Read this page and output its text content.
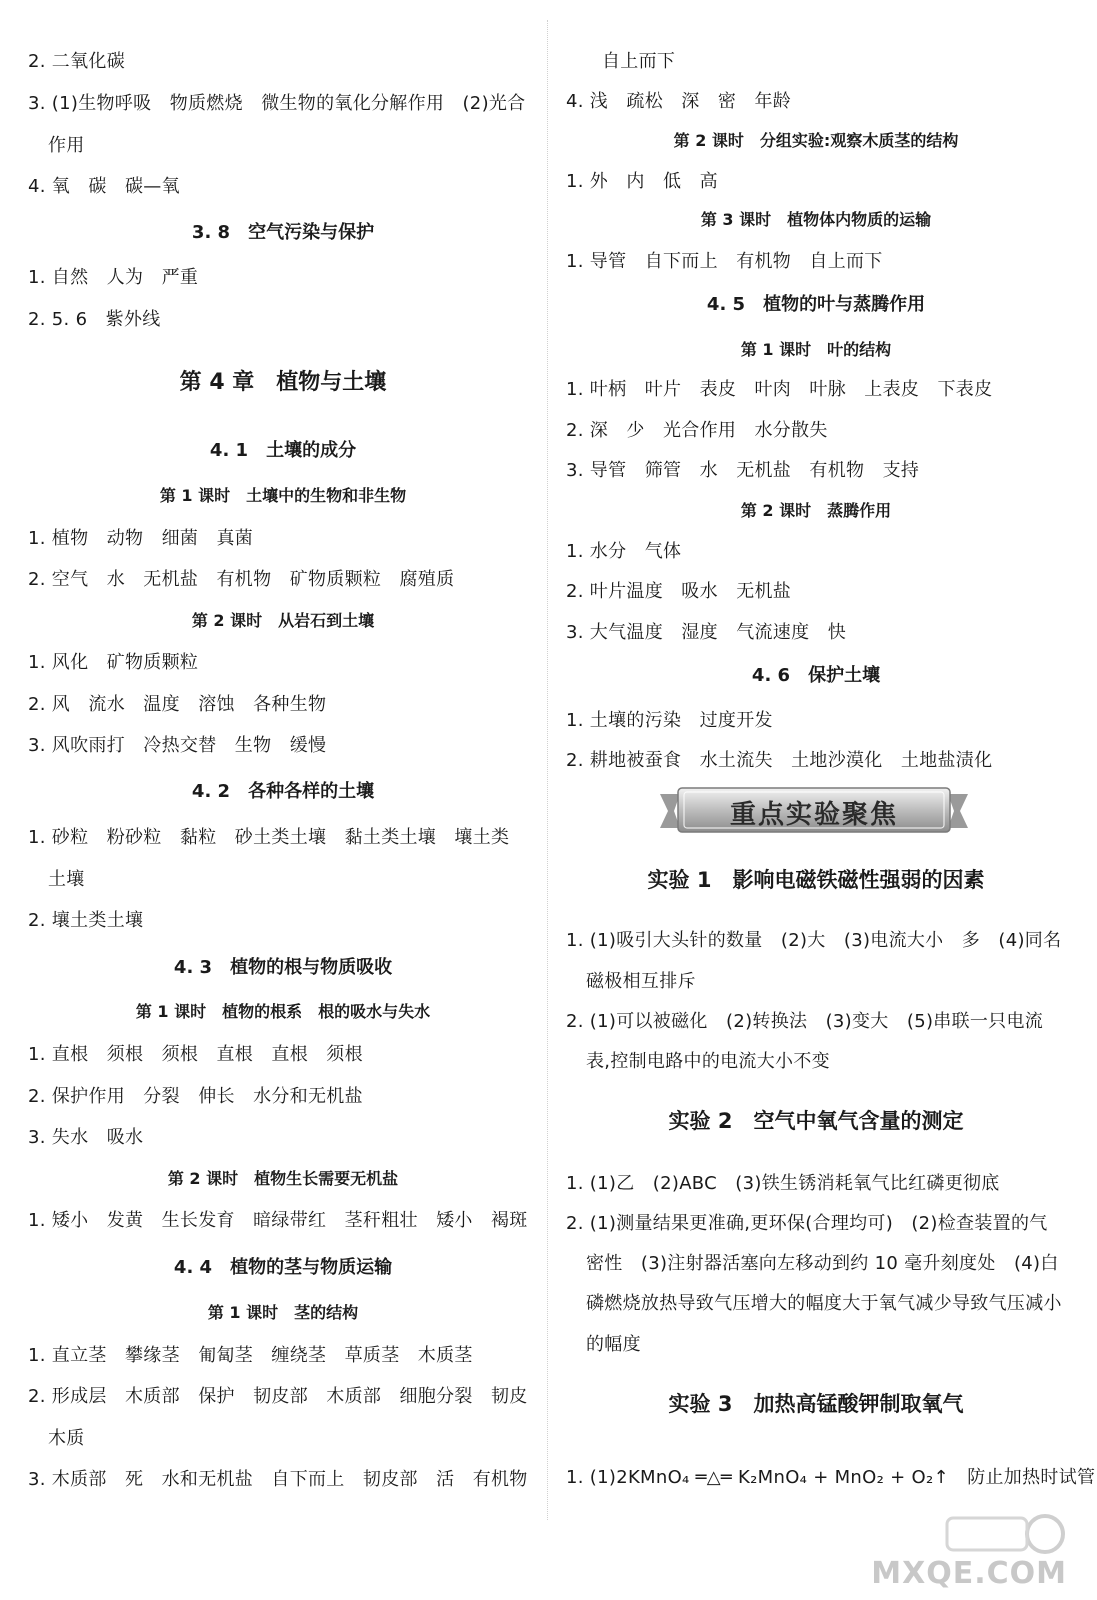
2. 二氧化碳
3. (1)生物呼吸　物质燃烧　微生物的氧化分解作用　(2)光合
作用
4. 氧　碳　碳—氧
3. 8　空气污染与保护
1. 自然　人为　严重
2. 5. 6　紫外线
第 4 章　植物与土壤
4. 1　土壤的成分
第 1 课时　土壤中的生物和非生物
1. 植物　动物　细菌　真菌
2. 空气　水　无机盐　有机物　矿物质颗粒　腐殖质
第 2 课时　从岩石到土壤
1. 风化　矿物质颗粒
2. 风　流水　温度　溶蚀　各种生物
3. 风吹雨打　冷热交替　生物　缓慢
4. 2　各种各样的土壤
1. 砂粒　粉砂粒　黏粒　砂土类土壤　黏土类土壤　壤土类
土壤
2. 壤土类土壤
4. 3　植物的根与物质吸收
第 1 课时　植物的根系　根的吸水与失水
1. 直根　须根　须根　直根　直根　须根
2. 保护作用　分裂　伸长　水分和无机盐
3. 失水　吸水
第 2 课时　植物生长需要无机盐
1. 矮小　发黄　生长发育　暗绿带红　茎秆粗壮　矮小　褐斑
4. 4　植物的茎与物质运输
第 1 课时　茎的结构
1. 直立茎　攀缘茎　匍匐茎　缠绕茎　草质茎　木质茎
2. 形成层　木质部　保护　韧皮部　木质部　细胞分裂　韧皮
木质
3. 木质部　死　水和无机盐　自下而上　韧皮部　活　有机物
自上而下
4. 浅　疏松　深　密　年龄
第 2 课时　分组实验:观察木质茎的结构
1. 外　内　低　高
第 3 课时　植物体内物质的运输
1. 导管　自下而上　有机物　自上而下
4. 5　植物的叶与蒸腾作用
第 1 课时　叶的结构
1. 叶柄　叶片　表皮　叶肉　叶脉　上表皮　下表皮
2. 深　少　光合作用　水分散失
3. 导管　筛管　水　无机盐　有机物　支持
第 2 课时　蒸腾作用
1. 水分　气体
2. 叶片温度　吸水　无机盐
3. 大气温度　湿度　气流速度　快
4. 6　保护土壤
1. 土壤的污染　过度开发
2. 耕地被蚕食　水土流失　土地沙漠化　土地盐渍化
重点实验聚焦
实验 1　影响电磁铁磁性强弱的因素
1. (1)吸引大头针的数量　(2)大　(3)电流大小　多　(4)同名
磁极相互排斥
2. (1)可以被磁化　(2)转换法　(3)变大　(5)串联一只电流
表,控制电路中的电流大小不变
实验 2　空气中氧气含量的测定
1. (1)乙　(2)ABC　(3)铁生锈消耗氧气比红磷更彻底
2. (1)测量结果更准确,更环保(合理均可)　(2)检查装置的气
密性　(3)注射器活塞向左移动到约 10 毫升刻度处　(4)白
磷燃烧放热导致气压增大的幅度大于氧气减少导致气压减小
的幅度
实验 3　加热高锰酸钾制取氧气
1. (1)2KMnO₄ ═△═ K₂MnO₄ + MnO₂ + O₂↑　防止加热时试管
MXQE.COM
